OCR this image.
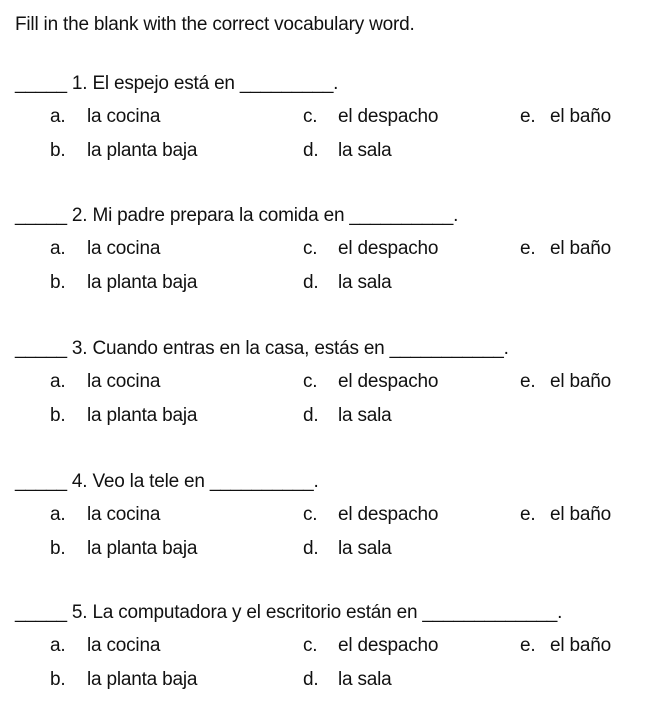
Fill in the blank with the correct vocabulary word.
_____ 1. El espejo está en _________.
a. la cocina
b. la planta baja
c. el despacho
d. la sala
e. el baño
_____ 2. Mi padre prepara la comida en __________.
a. la cocina
b. la planta baja
c. el despacho
d. la sala
e. el baño
_____ 3. Cuando entras en la casa, estás en ___________.
a. la cocina
b. la planta baja
c. el despacho
d. la sala
e. el baño
_____ 4. Veo la tele en __________.
a. la cocina
b. la planta baja
c. el despacho
d. la sala
e. el baño
_____ 5. La computadora y el escritorio están en _____________.
a. la cocina
b. la planta baja
c. el despacho
d. la sala
e. el baño
